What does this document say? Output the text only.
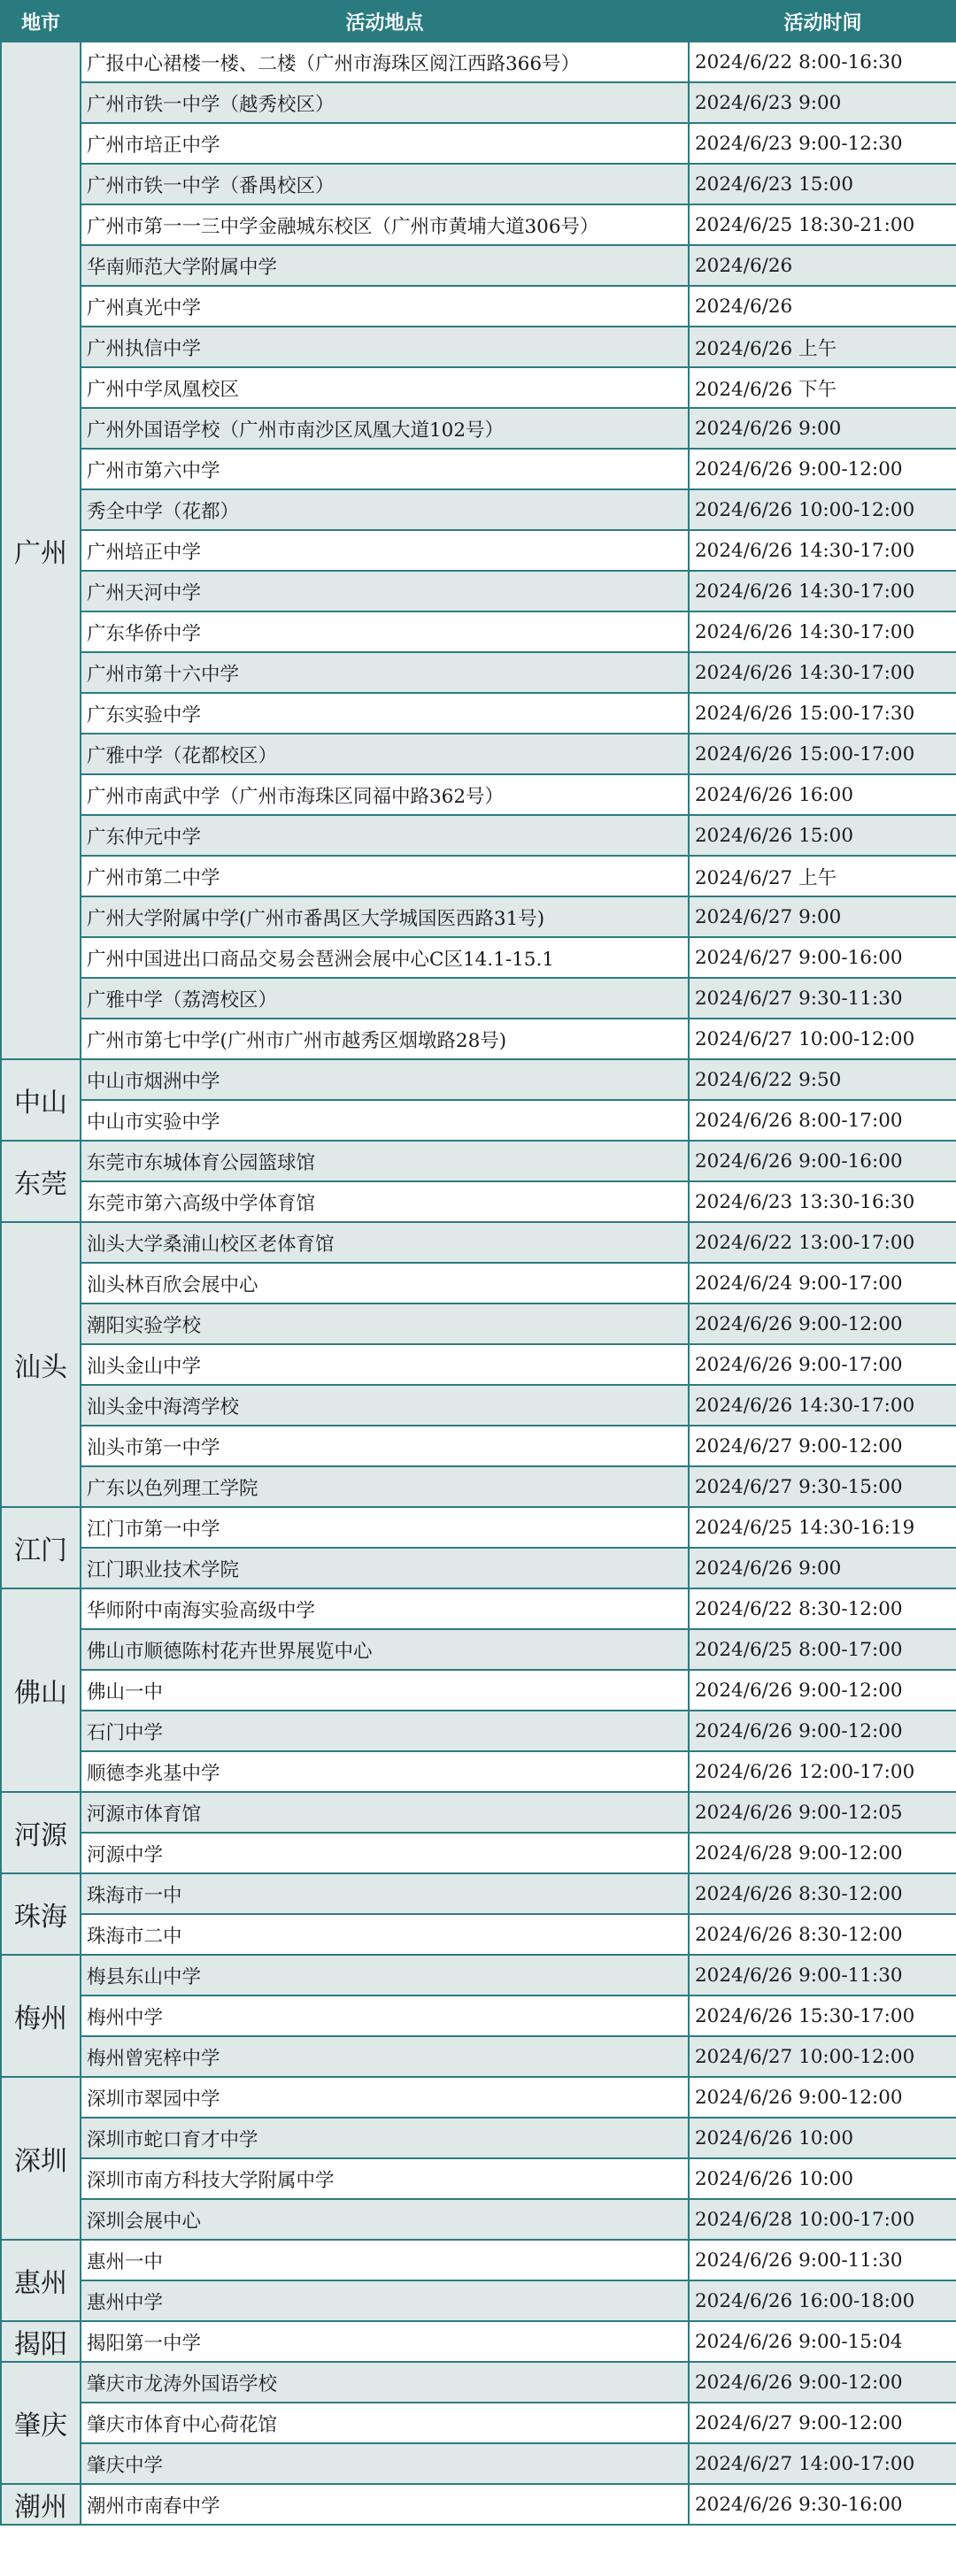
地市	活动地点	活动时间
广州	广报中心裙楼一楼、二楼（广州市海珠区阅江西路366号）	2024/6/22 8:00-16:30
	广州市铁一中学（越秀校区）	2024/6/23 9:00
	广州市培正中学	2024/6/23 9:00-12:30
	广州市铁一中学（番禺校区）	2024/6/23 15:00
	广州市第一一三中学金融城东校区（广州市黄埔大道306号）	2024/6/25 18:30-21:00
	华南师范大学附属中学	2024/6/26
	广州真光中学	2024/6/26
	广州执信中学	2024/6/26 上午
	广州中学凤凰校区	2024/6/26 下午
	广州外国语学校（广州市南沙区凤凰大道102号）	2024/6/26 9:00
	广州市第六中学	2024/6/26 9:00-12:00
	秀全中学（花都）	2024/6/26 10:00-12:00
	广州培正中学	2024/6/26 14:30-17:00
	广州天河中学	2024/6/26 14:30-17:00
	广东华侨中学	2024/6/26 14:30-17:00
	广州市第十六中学	2024/6/26 14:30-17:00
	广东实验中学	2024/6/26 15:00-17:30
	广雅中学（花都校区）	2024/6/26 15:00-17:00
	广州市南武中学（广州市海珠区同福中路362号）	2024/6/26 16:00
	广东仲元中学	2024/6/26 15:00
	广州市第二中学	2024/6/27 上午
	广州大学附属中学(广州市番禺区大学城国医西路31号)	2024/6/27 9:00
	广州中国进出口商品交易会琶洲会展中心C区14.1-15.1	2024/6/27 9:00-16:00
	广雅中学（荔湾校区）	2024/6/27 9:30-11:30
	广州市第七中学(广州市广州市越秀区烟墩路28号)	2024/6/27 10:00-12:00
中山	中山市烟洲中学	2024/6/22 9:50
	中山市实验中学	2024/6/26 8:00-17:00
东莞	东莞市东城体育公园篮球馆	2024/6/26 9:00-16:00
	东莞市第六高级中学体育馆	2024/6/23 13:30-16:30
汕头	汕头大学桑浦山校区老体育馆	2024/6/22 13:00-17:00
	汕头林百欣会展中心	2024/6/24 9:00-17:00
	潮阳实验学校	2024/6/26 9:00-12:00
	汕头金山中学	2024/6/26 9:00-17:00
	汕头金中海湾学校	2024/6/26 14:30-17:00
	汕头市第一中学	2024/6/27 9:00-12:00
	广东以色列理工学院	2024/6/27 9:30-15:00
江门	江门市第一中学	2024/6/25 14:30-16:19
	江门职业技术学院	2024/6/26 9:00
佛山	华师附中南海实验高级中学	2024/6/22 8:30-12:00
	佛山市顺德陈村花卉世界展览中心	2024/6/25 8:00-17:00
	佛山一中	2024/6/26 9:00-12:00
	石门中学	2024/6/26 9:00-12:00
	顺德李兆基中学	2024/6/26 12:00-17:00
河源	河源市体育馆	2024/6/26 9:00-12:05
	河源中学	2024/6/28 9:00-12:00
珠海	珠海市一中	2024/6/26 8:30-12:00
	珠海市二中	2024/6/26 8:30-12:00
梅州	梅县东山中学	2024/6/26 9:00-11:30
	梅州中学	2024/6/26 15:30-17:00
	梅州曾宪梓中学	2024/6/27 10:00-12:00
深圳	深圳市翠园中学	2024/6/26 9:00-12:00
	深圳市蛇口育才中学	2024/6/26 10:00
	深圳市南方科技大学附属中学	2024/6/26 10:00
	深圳会展中心	2024/6/28 10:00-17:00
惠州	惠州一中	2024/6/26 9:00-11:30
	惠州中学	2024/6/26 16:00-18:00
揭阳	揭阳第一中学	2024/6/26 9:00-15:04
肇庆	肇庆市龙涛外国语学校	2024/6/26 9:00-12:00
	肇庆市体育中心荷花馆	2024/6/27 9:00-12:00
	肇庆中学	2024/6/27 14:00-17:00
潮州	潮州市南春中学	2024/6/26 9:30-16:00
